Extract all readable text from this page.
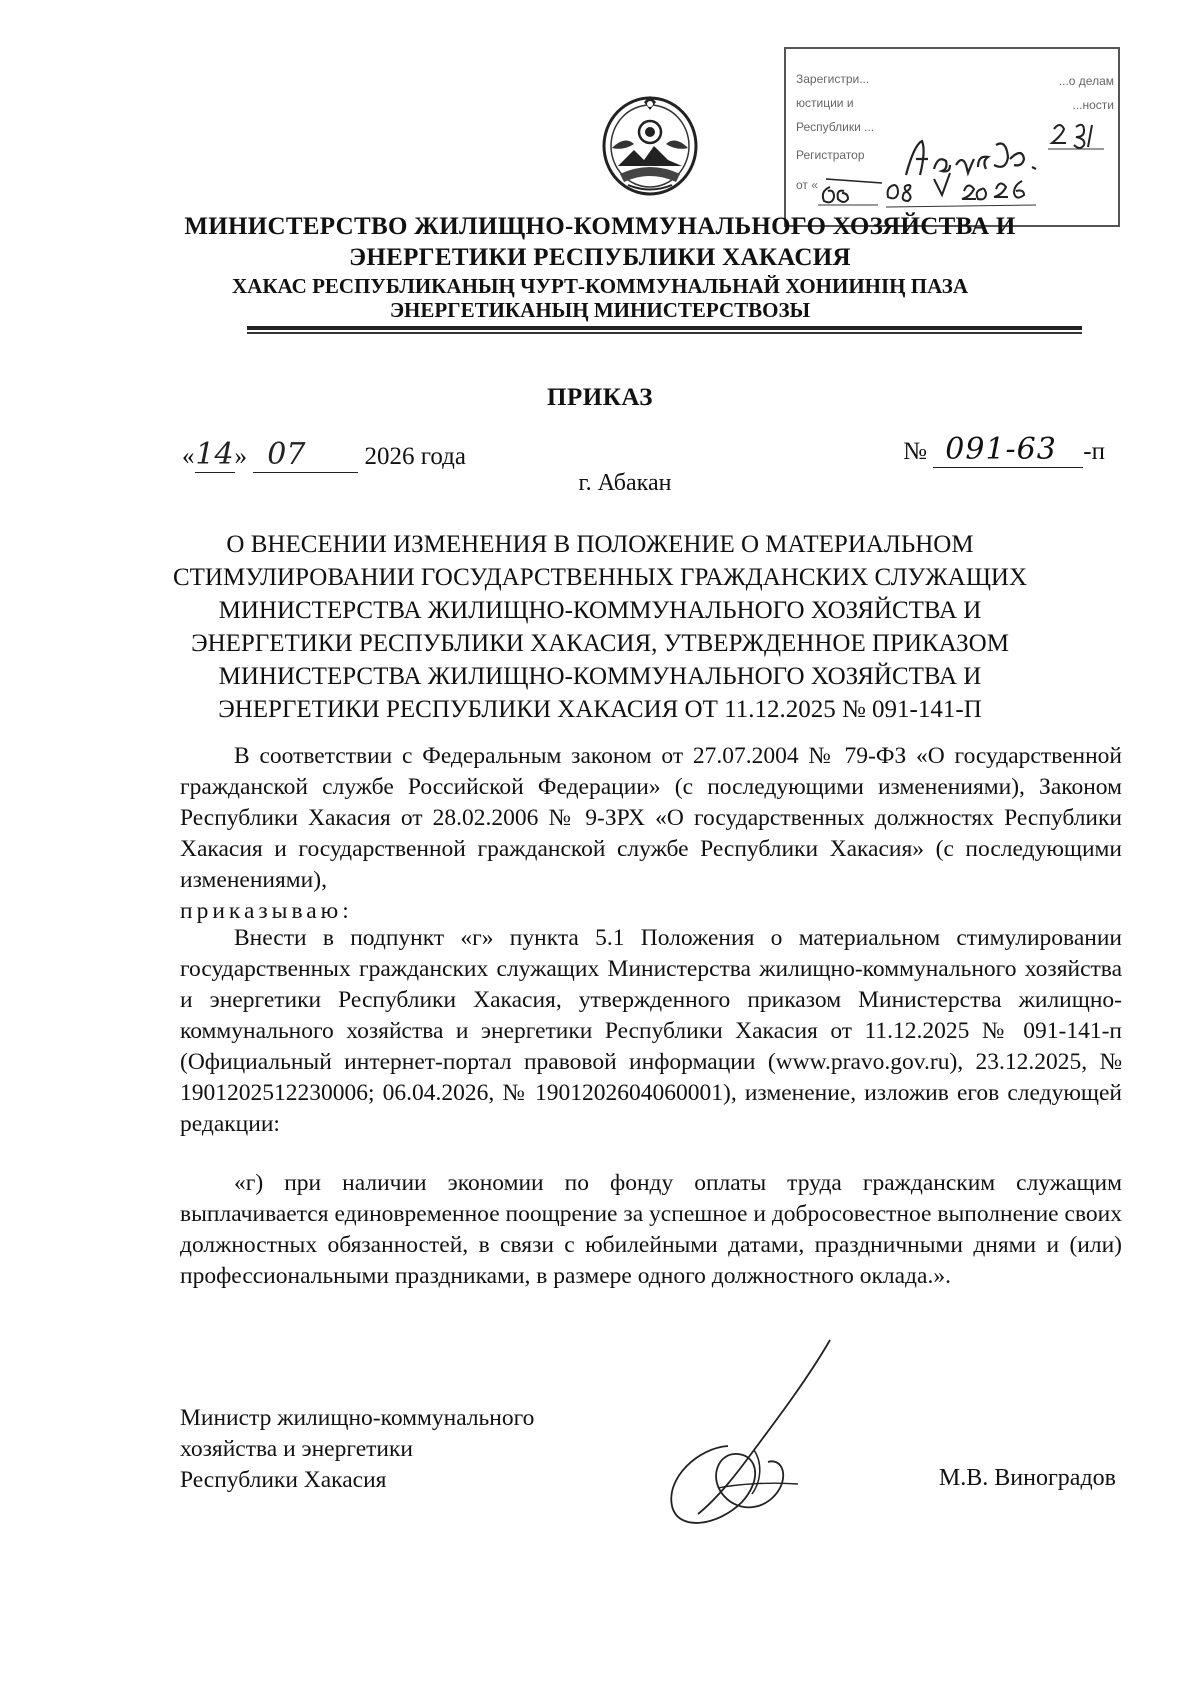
Зарегистри...	...о делам
юстиции и	...ности
Республики ...
Регистратор
от «
МИНИСТЕРСТВО ЖИЛИЩНО-КОММУНАЛЬНОГО ХОЗЯЙСТВА И
ЭНЕРГЕТИКИ РЕСПУБЛИКИ ХАКАСИЯ
ХАКАС РЕСПУБЛИКАНЫҢ ЧУРТ-КОММУНАЛЬНАЙ ХОНИИНIҢ ПАЗА
ЭНЕРГЕТИКАНЫҢ МИНИСТЕРСТВОЗЫ
ПРИКАЗ
«14» 07 2026 года	№ 091-63 -п
г. Абакан
О ВНЕСЕНИИ ИЗМЕНЕНИЯ В ПОЛОЖЕНИЕ О МАТЕРИАЛЬНОМ
СТИМУЛИРОВАНИИ ГОСУДАРСТВЕННЫХ ГРАЖДАНСКИХ СЛУЖАЩИХ
МИНИСТЕРСТВА ЖИЛИЩНО-КОММУНАЛЬНОГО ХОЗЯЙСТВА И
ЭНЕРГЕТИКИ РЕСПУБЛИКИ ХАКАСИЯ, УТВЕРЖДЕННОЕ ПРИКАЗОМ
МИНИСТЕРСТВА ЖИЛИЩНО-КОММУНАЛЬНОГО ХОЗЯЙСТВА И
ЭНЕРГЕТИКИ РЕСПУБЛИКИ ХАКАСИЯ ОТ 11.12.2025 № 091-141-П

В соответствии с Федеральным законом от 27.07.2004 № 79-ФЗ «О государственной гражданской службе Российской Федерации» (с последующими изменениями), Законом Республики Хакасия от 28.02.2006 № 9-ЗРХ «О государственных должностях Республики Хакасия и государственной гражданской службе Республики Хакасия» (с последующими изменениями),

приказываю:

Внести в подпункт «г» пункта 5.1 Положения о материальном стимулировании государственных гражданских служащих Министерства жилищно-коммунального хозяйства и энергетики Республики Хакасия, утвержденного приказом Министерства жилищно-коммунального хозяйства и энергетики Республики Хакасия от 11.12.2025 № 091-141-п (Официальный интернет-портал правовой информации (www.pravo.gov.ru), 23.12.2025, № 1901202512230006; 06.04.2026, № 1901202604060001), изменение, изложив егов следующей редакции:

«г) при наличии экономии по фонду оплаты труда гражданским служащим выплачивается единовременное поощрение за успешное и добросовестное выполнение своих должностных обязанностей, в связи с юбилейными датами, праздничными днями и (или) профессиональными праздниками, в размере одного должностного оклада.».

Министр жилищно-коммунального
хозяйства и энергетики
Республики Хакасия	М.В. Виноградов
